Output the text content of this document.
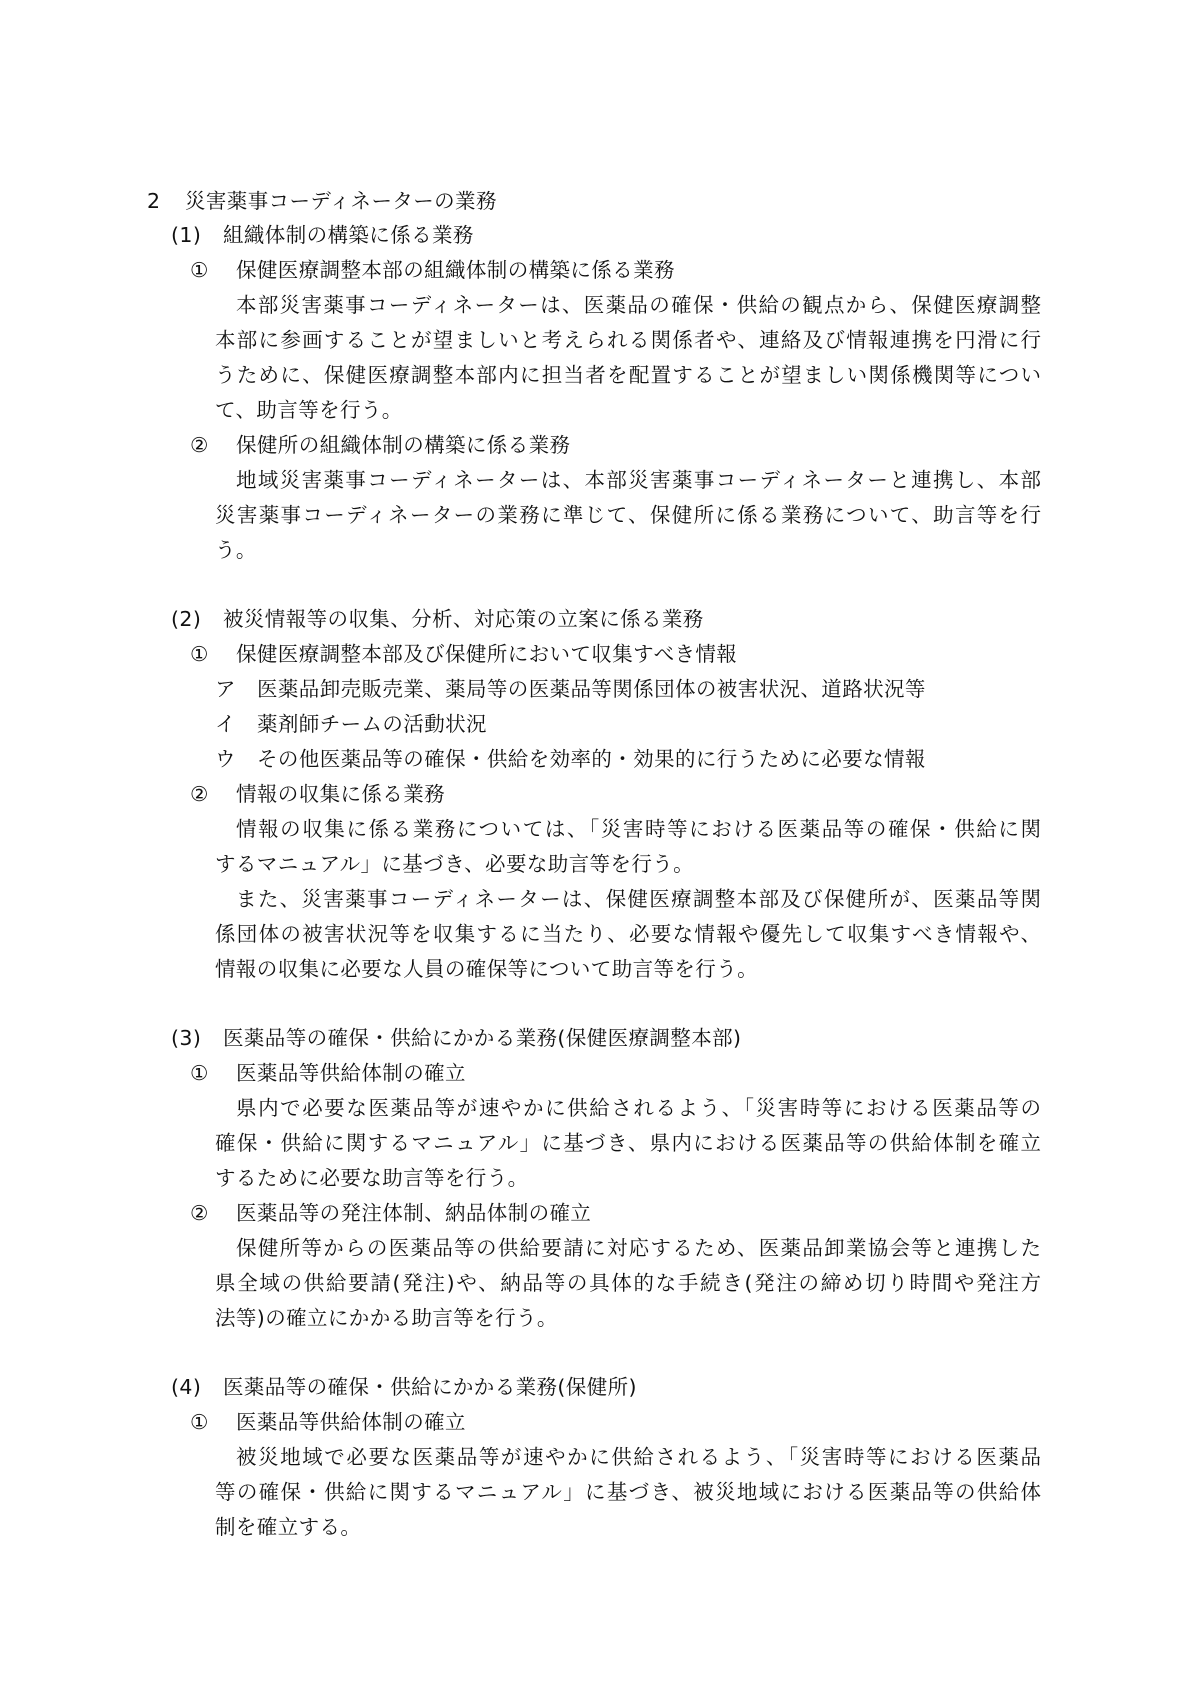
2 災害薬事コーディネーターの業務
(1) 組織体制の構築に係る業務
① 保健医療調整本部の組織体制の構築に係る業務
本部災害薬事コーディネーターは、医薬品の確保・供給の観点から、保健医療調整
本部に参画することが望ましいと考えられる関係者や、連絡及び情報連携を円滑に行
うために、保健医療調整本部内に担当者を配置することが望ましい関係機関等につい
て、助言等を行う。
② 保健所の組織体制の構築に係る業務
地域災害薬事コーディネーターは、本部災害薬事コーディネーターと連携し、本部
災害薬事コーディネーターの業務に準じて、保健所に係る業務について、助言等を行
う。
(2) 被災情報等の収集、分析、対応策の立案に係る業務
① 保健医療調整本部及び保健所において収集すべき情報
ア 医薬品卸売販売業、薬局等の医薬品等関係団体の被害状況、道路状況等
イ 薬剤師チームの活動状況
ウ その他医薬品等の確保・供給を効率的・効果的に行うために必要な情報
② 情報の収集に係る業務
情報の収集に係る業務については、「災害時等における医薬品等の確保・供給に関
するマニュアル」に基づき、必要な助言等を行う。
また、災害薬事コーディネーターは、保健医療調整本部及び保健所が、医薬品等関
係団体の被害状況等を収集するに当たり、必要な情報や優先して収集すべき情報や、
情報の収集に必要な人員の確保等について助言等を行う。
(3) 医薬品等の確保・供給にかかる業務(保健医療調整本部)
① 医薬品等供給体制の確立
県内で必要な医薬品等が速やかに供給されるよう、「災害時等における医薬品等の
確保・供給に関するマニュアル」に基づき、県内における医薬品等の供給体制を確立
するために必要な助言等を行う。
② 医薬品等の発注体制、納品体制の確立
保健所等からの医薬品等の供給要請に対応するため、医薬品卸業協会等と連携した
県全域の供給要請(発注)や、納品等の具体的な手続き(発注の締め切り時間や発注方
法等)の確立にかかる助言等を行う。
(4) 医薬品等の確保・供給にかかる業務(保健所)
① 医薬品等供給体制の確立
被災地域で必要な医薬品等が速やかに供給されるよう、「災害時等における医薬品
等の確保・供給に関するマニュアル」に基づき、被災地域における医薬品等の供給体
制を確立する。
